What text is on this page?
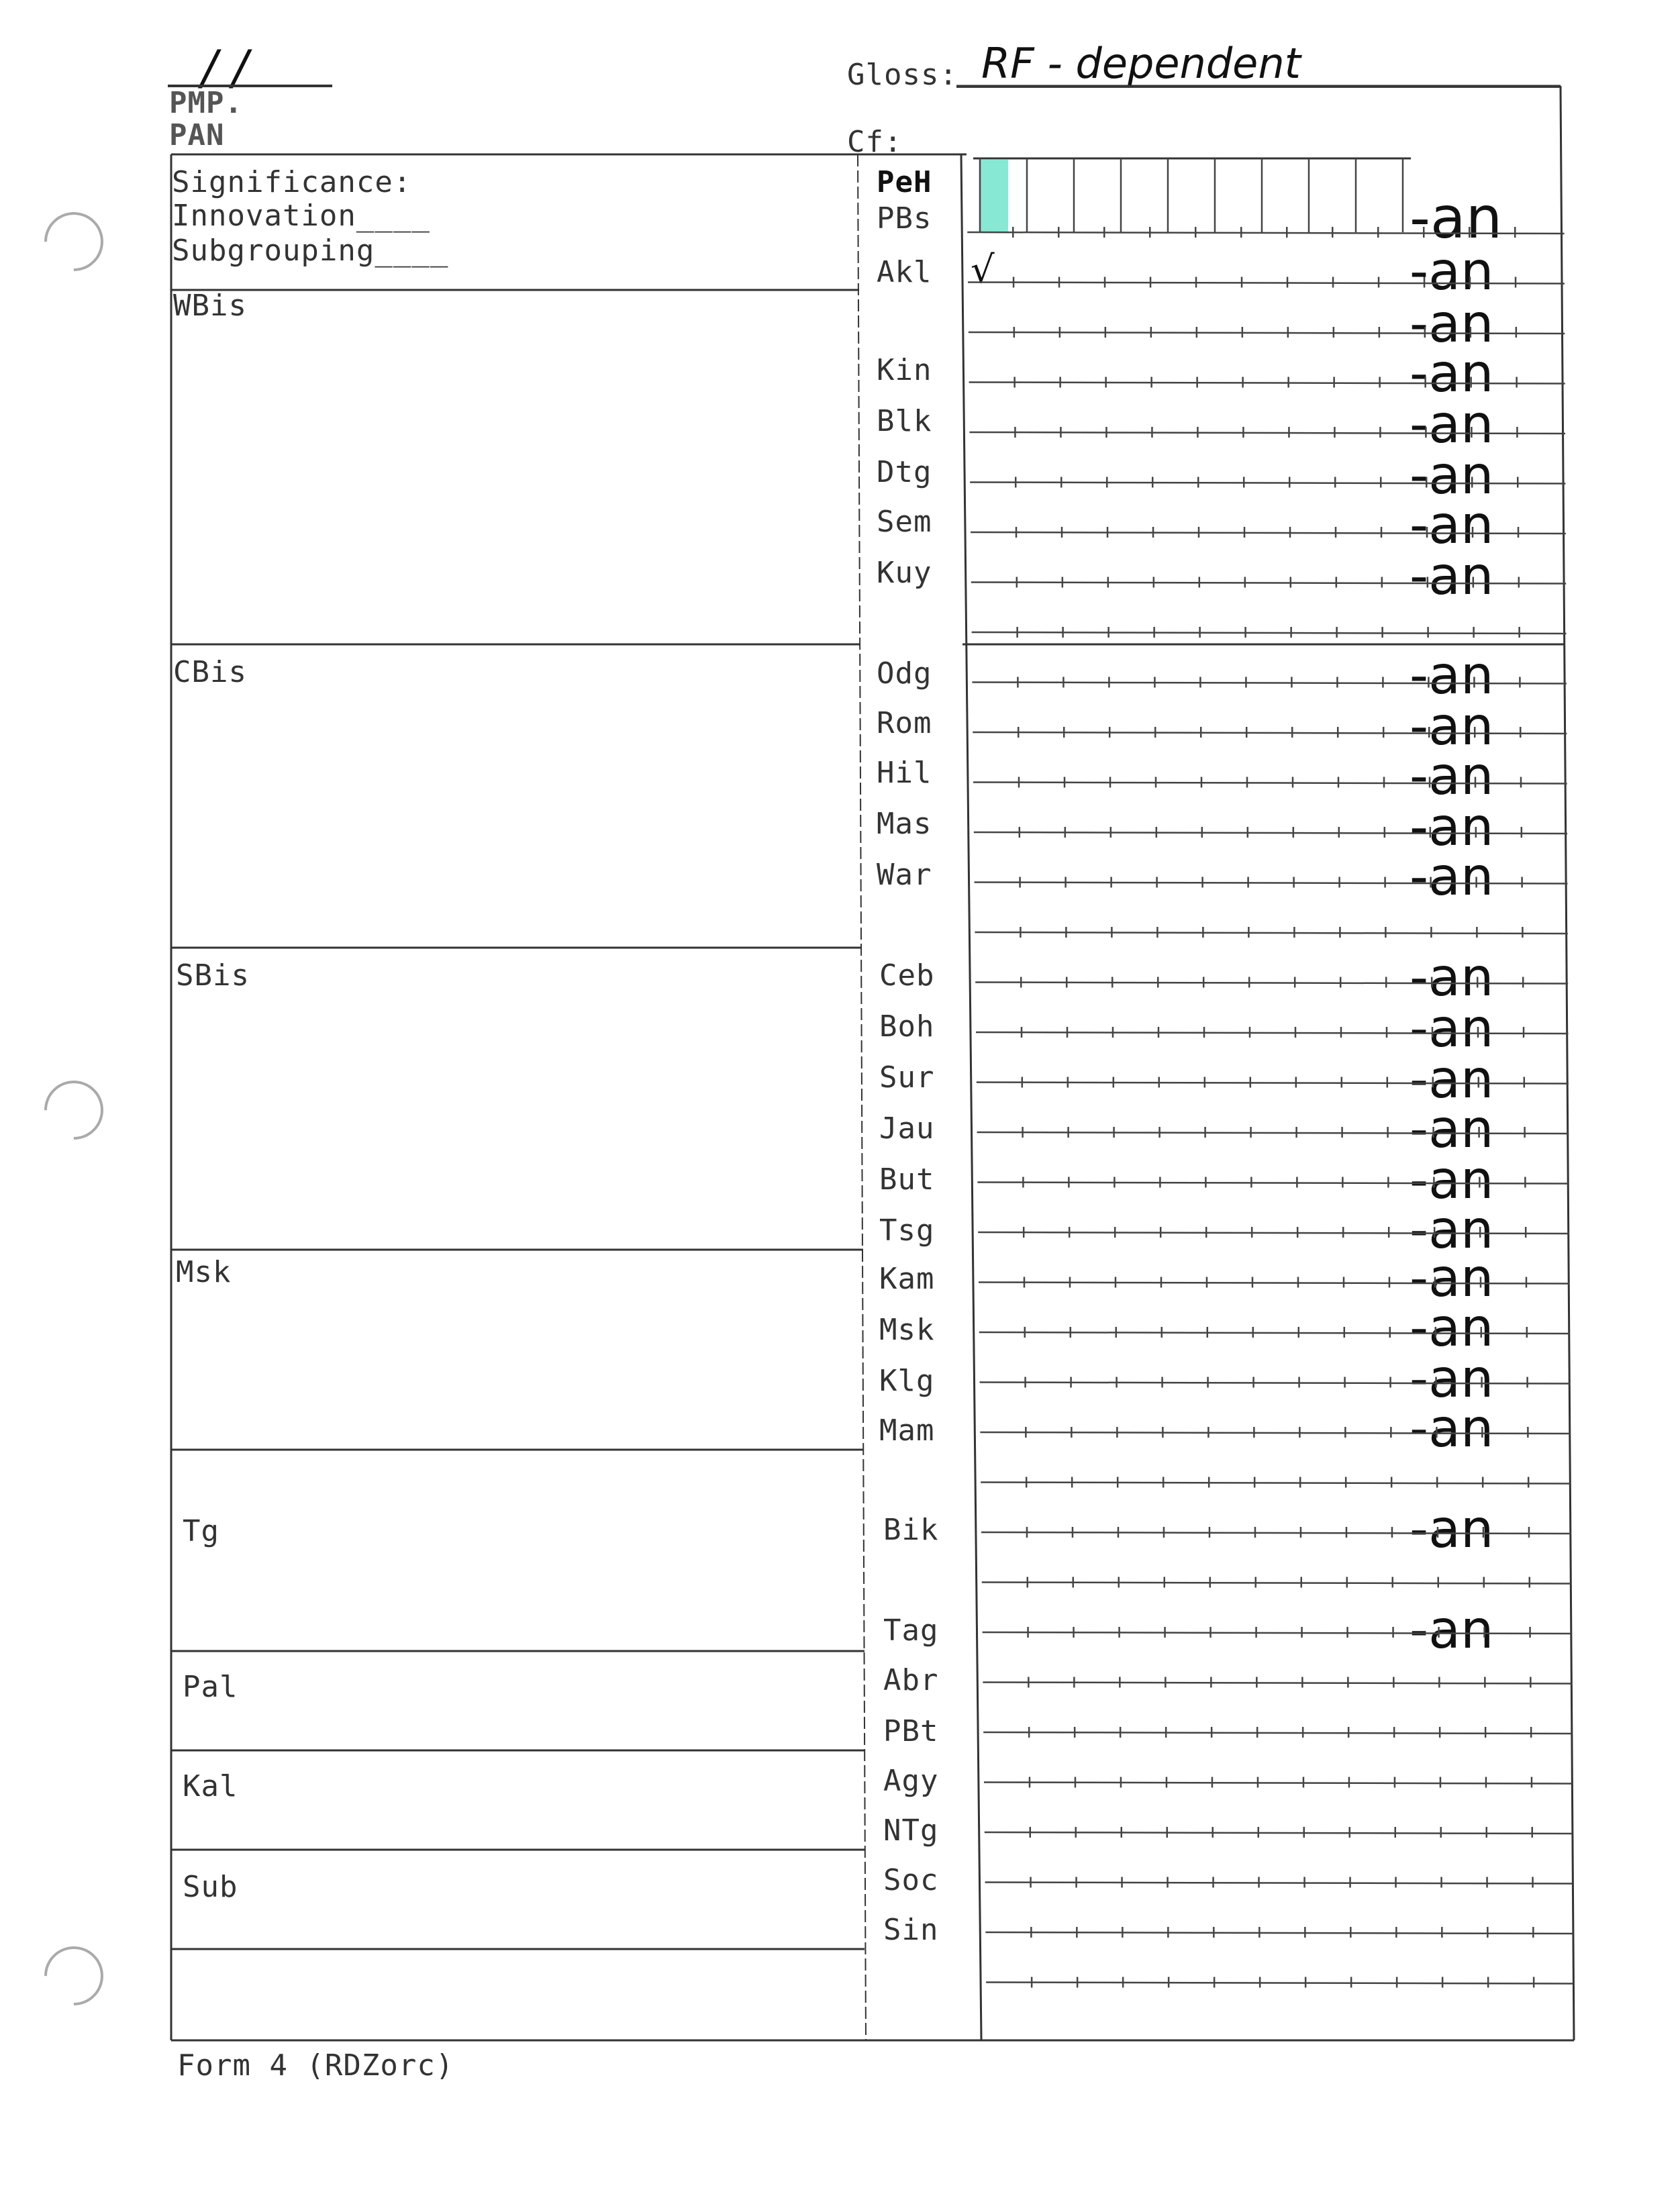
/ /
PMP.
PAN
Gloss: RF - dependent
Cf:
Significance:
Innovation____
Subgrouping____
WBis
CBis
SBis
Msk
Tg
Pal
Kal
Sub
PeH
PBs
Akl
Kin
Blk
Dtg
Sem
Kuy
Odg
Rom
Hil
Mas
War
Ceb
Boh
Sur
Jau
But
Tsg
Kam
Msk
Klg
Mam
Bik
Tag
Abr
PBt
Agy
NTg
Soc
Sin
√
-an
-an
-an
-an
-an
-an
-an
-an
-an
-an
-an
-an
-an
-an
-an
-an
-an
-an
-an
-an
-an
-an
-an
-an
-an
Form 4 (RDZorc)
